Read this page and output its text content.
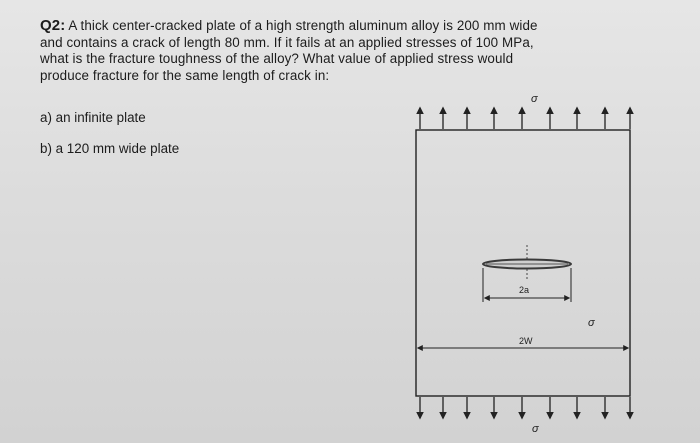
Q2: A thick center-cracked plate of a high strength aluminum alloy is 200 mm wide
and contains a crack of length 80 mm. If it fails at an applied stresses of 100 MPa,
what is the fracture toughness of the alloy? What value of applied stress would
produce fracture for the same length of crack in:
a) an infinite plate
b) a 120 mm wide plate
σ
σ
σ
2a
2W
